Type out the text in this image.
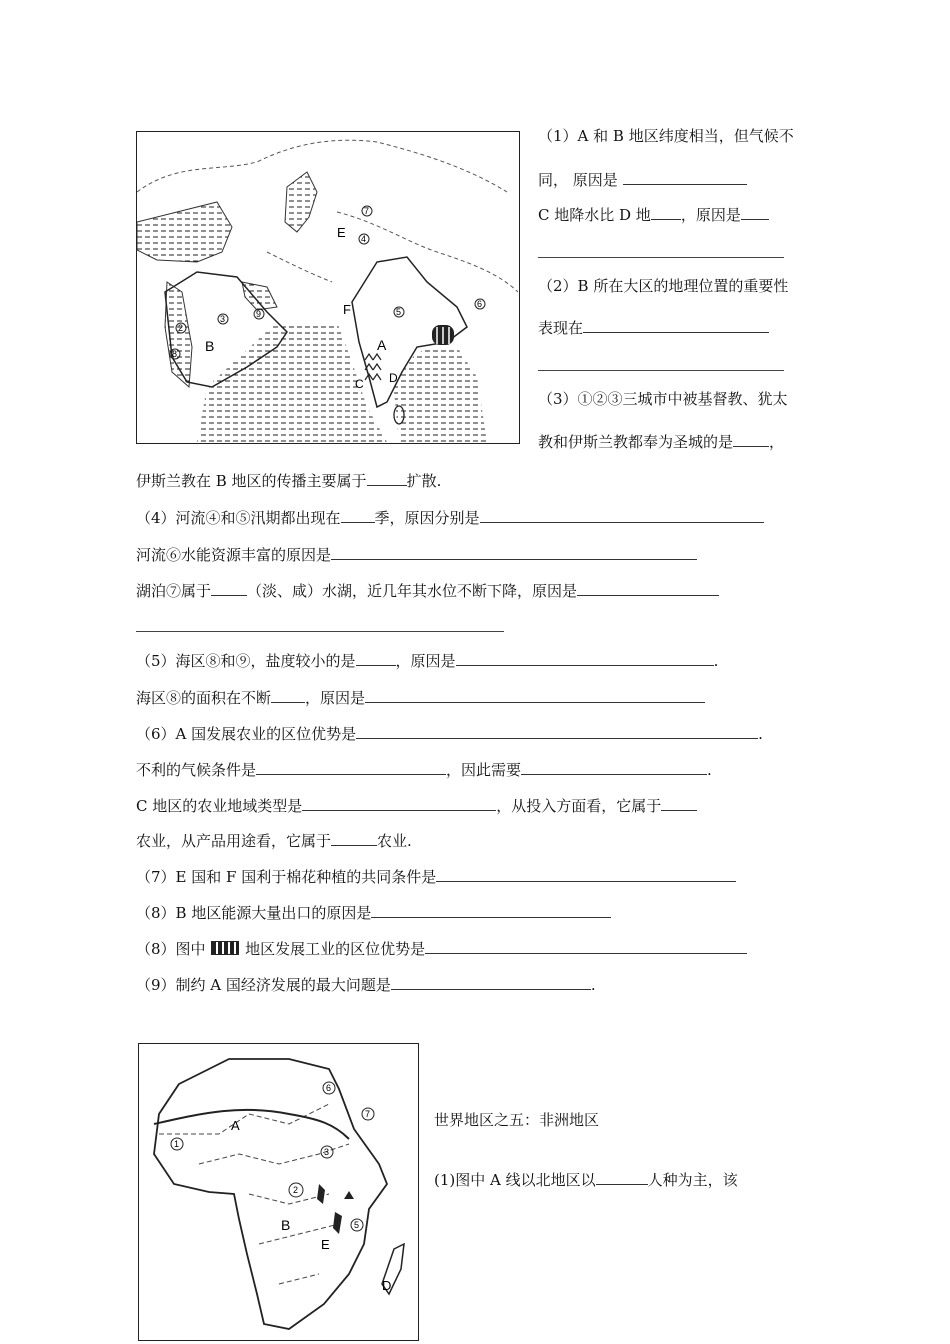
A
B
C D
E
F
2
3
4
5
6
7
8
9
（1）A 和 B 地区纬度相当，但气候不
同， 原因是
C 地降水比 D 地 ，原因是
（2）B 所在大区的地理位置的重要性
表现在
（3）①②③三城市中被基督教、犹太
教和伊斯兰教都奉为圣城的是 ，
伊斯兰教在 B 地区的传播主要属于	扩散.
（4）河流④和⑤汛期都出现在 季，原因分别是
河流⑥水能资源丰富的原因是
湖泊⑦属于 （淡、咸）水湖，近几年其水位不断下降，原因是
（5）海区⑧和⑨，盐度较小的是	，原因是	.
海区⑧的面积在不断 ，原因是
（6）A 国发展农业的区位优势是	.
不利的气候条件是	，因此需要	.
C 地区的农业地域类型是	，从投入方面看，它属于
农业，从产品用途看，它属于	农业.
（7）E 国和 F 国利于棉花种植的共同条件是
（8）B 地区能源大量出口的原因是
（8）图中	地区发展工业的区位优势是
（9）制约 A 国经济发展的最大问题是	.
A
B
E
D
1
2
3
5
6
7	世界地区之五：非洲地区
(1)图中 A 线以北地区以	人种为主，该
